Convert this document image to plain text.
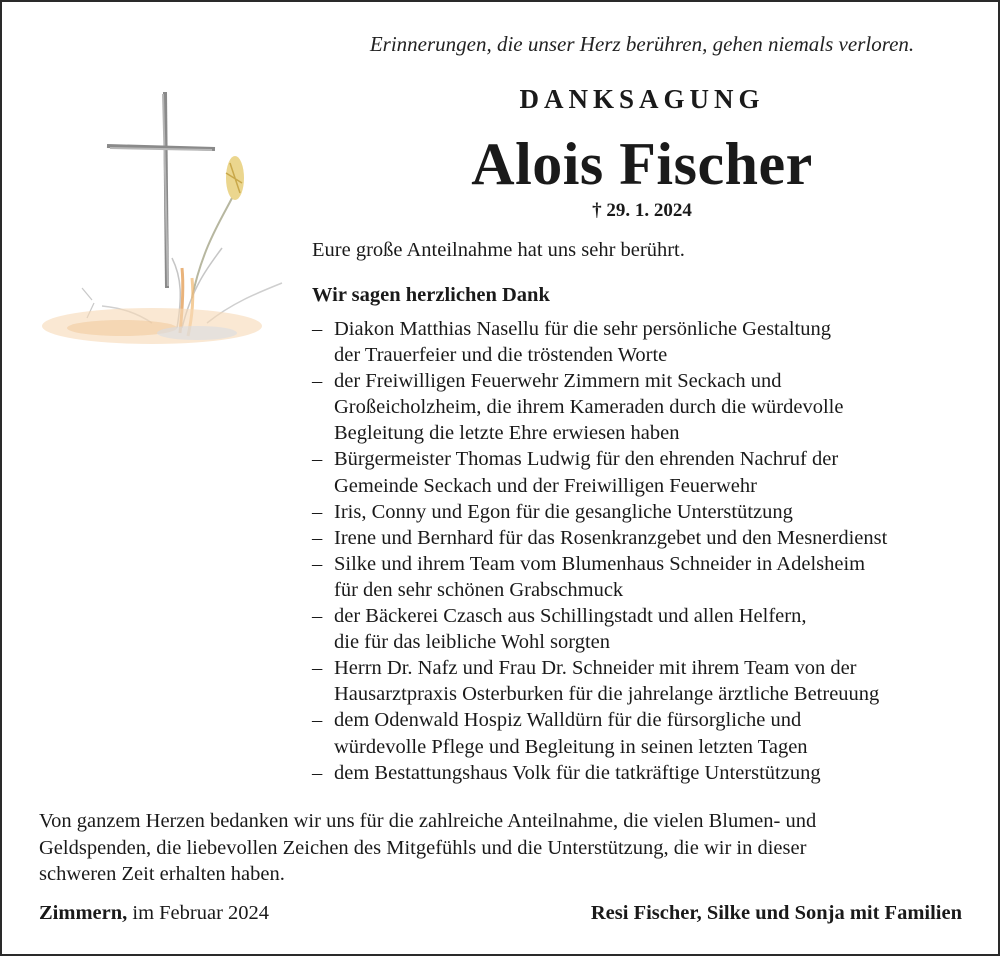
Erinnerungen, die unser Herz berühren, gehen niemals verloren.
DANKSAGUNG
Alois Fischer
† 29. 1. 2024
Eure große Anteilnahme hat uns sehr berührt.
Wir sagen herzlichen Dank
– Diakon Matthias Nasellu für die sehr persönliche Gestaltung
der Trauerfeier und die tröstenden Worte
– der Freiwilligen Feuerwehr Zimmern mit Seckach und
Großeicholzheim, die ihrem Kameraden durch die würdevolle
Begleitung die letzte Ehre erwiesen haben
– Bürgermeister Thomas Ludwig für den ehrenden Nachruf der
Gemeinde Seckach und der Freiwilligen Feuerwehr
– Iris, Conny und Egon für die gesangliche Unterstützung
– Irene und Bernhard für das Rosenkranzgebet und den Mesnerdienst
– Silke und ihrem Team vom Blumenhaus Schneider in Adelsheim
für den sehr schönen Grabschmuck
– der Bäckerei Czasch aus Schillingstadt und allen Helfern,
die für das leibliche Wohl sorgten
– Herrn Dr. Nafz und Frau Dr. Schneider mit ihrem Team von der
Hausarztpraxis Osterburken für die jahrelange ärztliche Betreuung
– dem Odenwald Hospiz Walldürn für die fürsorgliche und
würdevolle Pflege und Begleitung in seinen letzten Tagen
– dem Bestattungshaus Volk für die tatkräftige Unterstützung
Von ganzem Herzen bedanken wir uns für die zahlreiche Anteilnahme, die vielen Blumen- und
Geldspenden, die liebevollen Zeichen des Mitgefühls und die Unterstützung, die wir in dieser
schweren Zeit erhalten haben.
Zimmern, im Februar 2024	Resi Fischer, Silke und Sonja mit Familien
